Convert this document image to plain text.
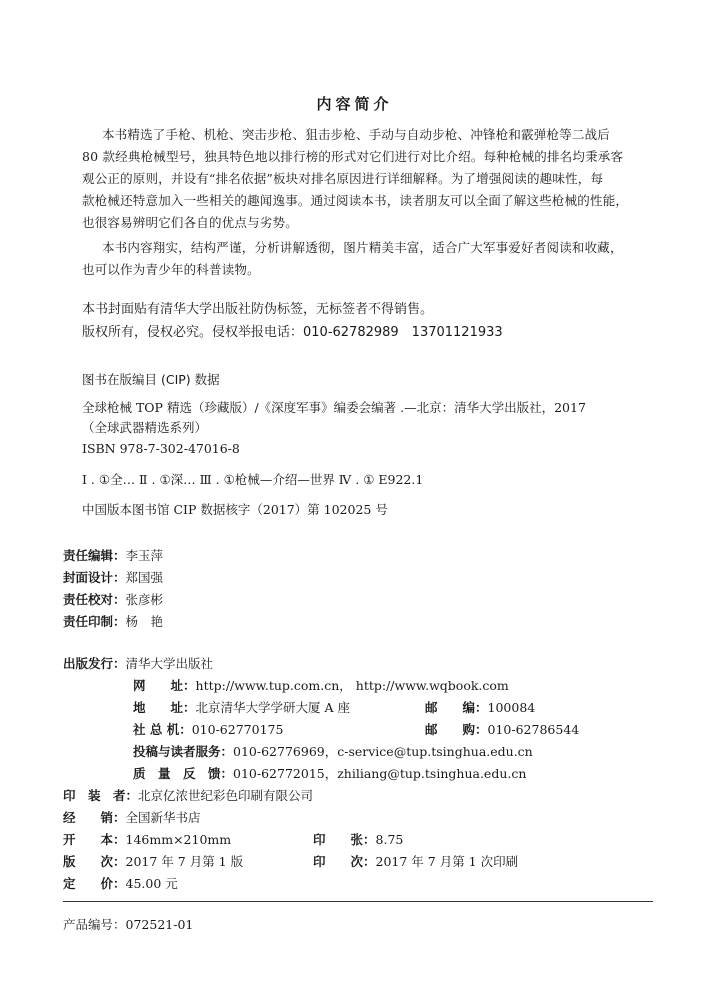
内容简介
本书精选了手枪、机枪、突击步枪、狙击步枪、手动与自动步枪、冲锋枪和霰弹枪等二战后
80 款经典枪械型号，独具特色地以排行榜的形式对它们进行对比介绍。每种枪械的排名均秉承客
观公正的原则，并设有“排名依据”板块对排名原因进行详细解释。为了增强阅读的趣味性，每
款枪械还特意加入一些相关的趣闻逸事。通过阅读本书，读者朋友可以全面了解这些枪械的性能，
也很容易辨明它们各自的优点与劣势。
本书内容翔实，结构严谨，分析讲解透彻，图片精美丰富，适合广大军事爱好者阅读和收藏，
也可以作为青少年的科普读物。
本书封面贴有清华大学出版社防伪标签，无标签者不得销售。
版权所有，侵权必究。侵权举报电话：010-62782989　13701121933
图书在版编目 (CIP) 数据
全球枪械 TOP 精选（珍藏版）/《深度军事》编委会编著 .—北京：清华大学出版社，2017
（全球武器精选系列）
ISBN 978-7-302-47016-8
Ⅰ . ①全… Ⅱ . ①深… Ⅲ . ①枪械—介绍—世界 Ⅳ . ① E922.1
中国版本图书馆 CIP 数据核字（2017）第 102025 号
责任编辑：李玉萍
封面设计：郑国强
责任校对：张彦彬
责任印制：杨　艳
出版发行：清华大学出版社
网　　址：http://www.tup.com.cn， http://www.wqbook.com
地　　址：北京清华大学学研大厦 A 座	邮　　编：100084
社 总 机：010-62770175	邮　　购：010-62786544
投稿与读者服务：010-62776969，c-service@tup.tsinghua.edu.cn
质　量　反　馈：010-62772015，zhiliang@tup.tsinghua.edu.cn
印　装　者：北京亿浓世纪彩色印刷有限公司
经　　销：全国新华书店
开　　本：146mm×210mm	印　　张：8.75
版　　次：2017 年 7 月第 1 版	印　　次：2017 年 7 月第 1 次印刷
定　　价：45.00 元
产品编号：072521-01
